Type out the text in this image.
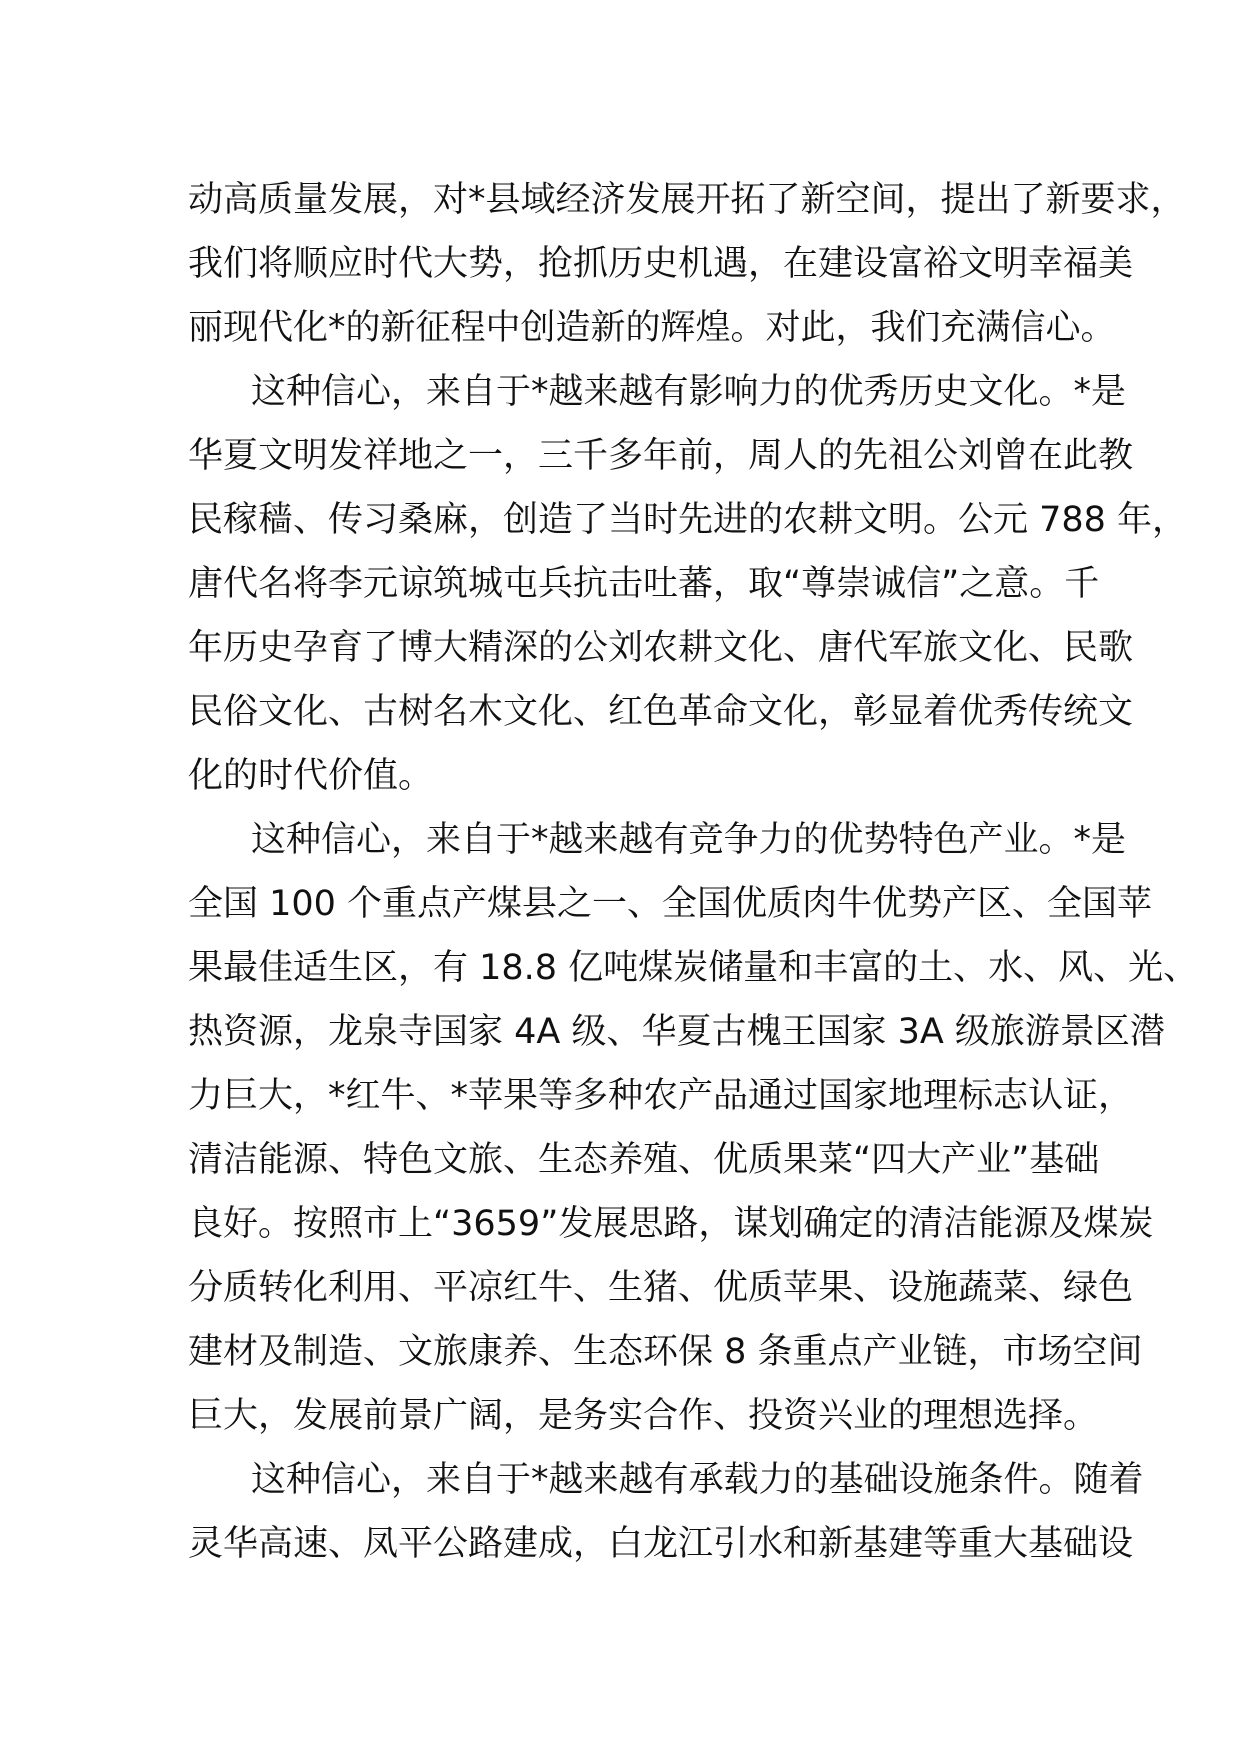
动高质量发展，对*县域经济发展开拓了新空间，提出了新要求，
我们将顺应时代大势，抢抓历史机遇，在建设富裕文明幸福美
丽现代化*的新征程中创造新的辉煌。对此，我们充满信心。
这种信心，来自于*越来越有影响力的优秀历史文化。*是
华夏文明发祥地之一，三千多年前，周人的先祖公刘曾在此教
民稼穑、传习桑麻，创造了当时先进的农耕文明。公元 788 年，
唐代名将李元谅筑城屯兵抗击吐蕃，取“尊崇诚信”之意。千
年历史孕育了博大精深的公刘农耕文化、唐代军旅文化、民歌
民俗文化、古树名木文化、红色革命文化，彰显着优秀传统文
化的时代价值。
这种信心，来自于*越来越有竞争力的优势特色产业。*是
全国 100 个重点产煤县之一、全国优质肉牛优势产区、全国苹
果最佳适生区，有 18.8 亿吨煤炭储量和丰富的土、水、风、光、
热资源，龙泉寺国家 4A 级、华夏古槐王国家 3A 级旅游景区潜
力巨大，*红牛、*苹果等多种农产品通过国家地理标志认证，
清洁能源、特色文旅、生态养殖、优质果菜“四大产业”基础
良好。按照市上“3659”发展思路，谋划确定的清洁能源及煤炭
分质转化利用、平凉红牛、生猪、优质苹果、设施蔬菜、绿色
建材及制造、文旅康养、生态环保 8 条重点产业链，市场空间
巨大，发展前景广阔，是务实合作、投资兴业的理想选择。
这种信心，来自于*越来越有承载力的基础设施条件。随着
灵华高速、凤平公路建成，白龙江引水和新基建等重大基础设
